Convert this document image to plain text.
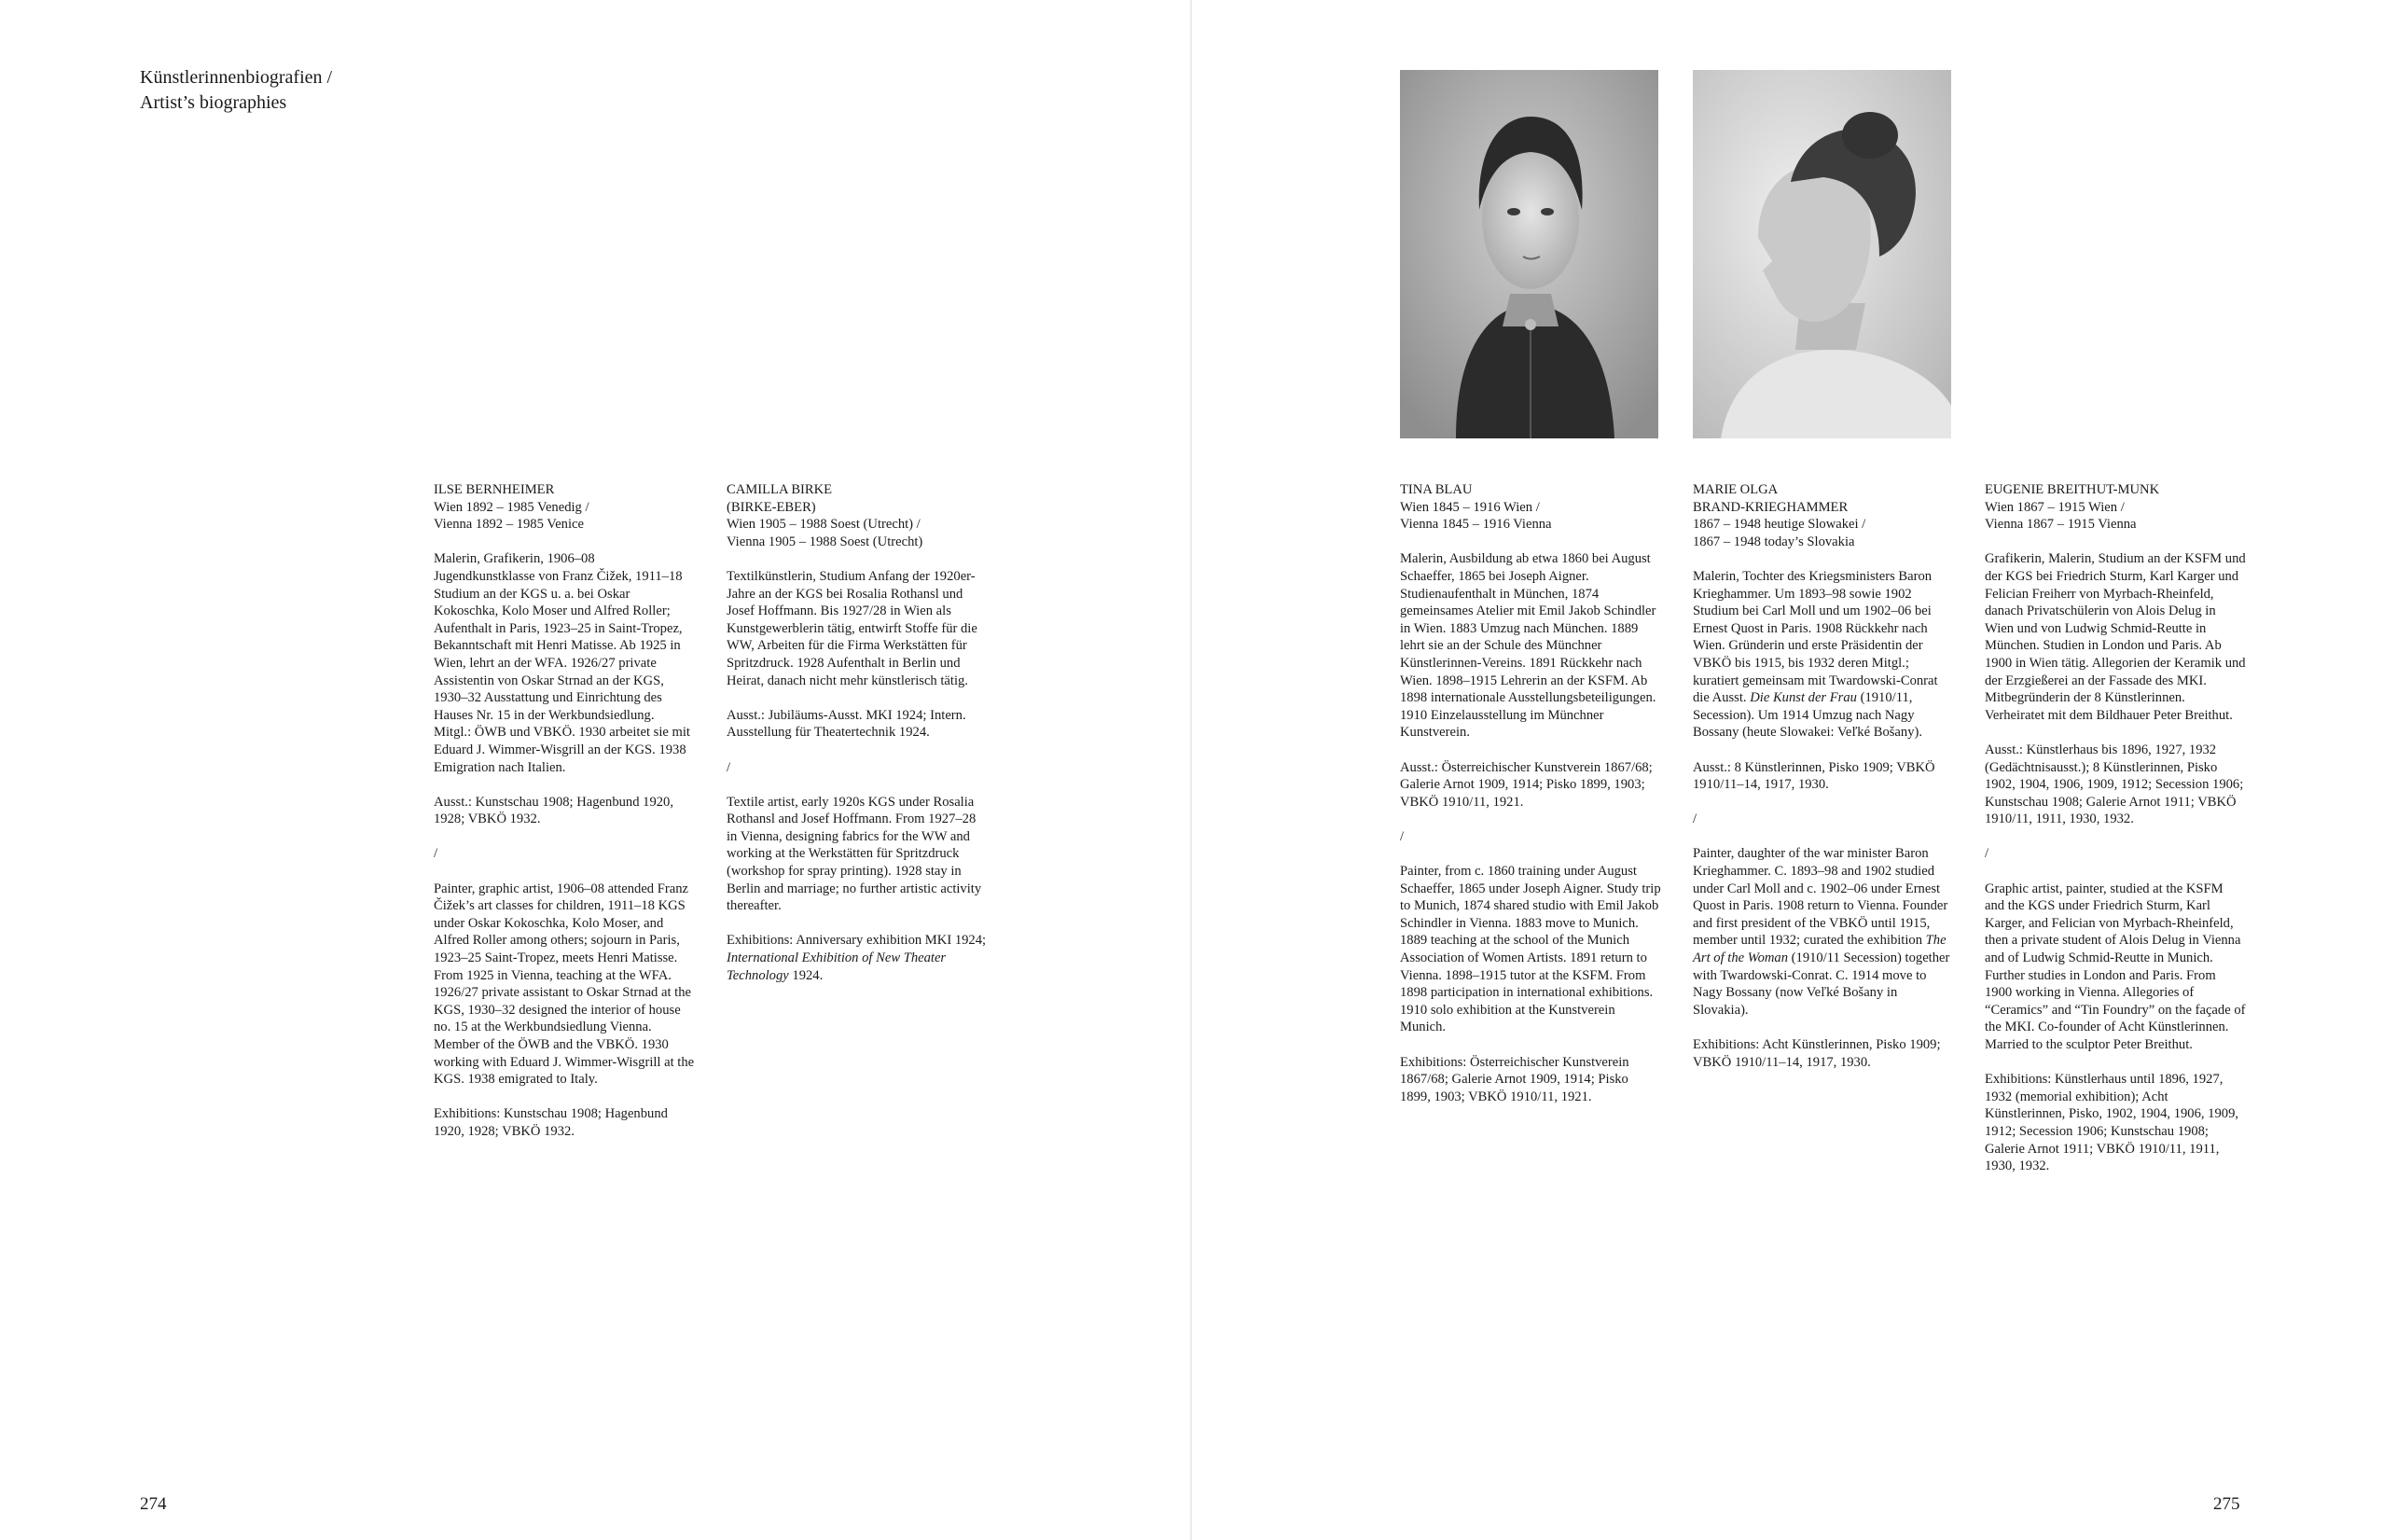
Künstlerinnenbiografien /
Artist’s biographies

ILSE BERNHEIMER

Wien 1892 – 1985 Venedig /

Vienna 1892 – 1985 Venice

Malerin, Grafikerin, 1906–08 Jugendkunstklasse von Franz Čižek, 1911–18 Studium an der KGS u. a. bei Oskar Kokoschka, Kolo Moser und Alfred Roller; Aufenthalt in Paris, 1923–25 in Saint-Tropez, Bekanntschaft mit Henri Matisse. Ab 1925 in Wien, lehrt an der WFA. 1926/27 private Assistentin von Oskar Strnad an der KGS, 1930–32 Ausstattung und Einrichtung des Hauses Nr. 15 in der Werkbundsiedlung. Mitgl.: ÖWB und VBKÖ. 1930 arbeitet sie mit Eduard J. Wimmer-Wisgrill an der KGS. 1938 Emigration nach Italien.

Ausst.: Kunstschau 1908; Hagenbund 1920, 1928; VBKÖ 1932.

/

Painter, graphic artist, 1906–08 attended Franz Čižek’s art classes for children, 1911–18 KGS under Oskar Kokoschka, Kolo Moser, and Alfred Roller among others; sojourn in Paris, 1923–25 Saint-Tropez, meets Henri Matisse. From 1925 in Vienna, teaching at the WFA. 1926/27 private assistant to Oskar Strnad at the KGS, 1930–32 designed the interior of house no. 15 at the Werkbundsiedlung Vienna. Member of the ÖWB and the VBKÖ. 1930 working with Eduard J. Wimmer-Wisgrill at the KGS. 1938 emigrated to Italy.

Exhibitions: Kunstschau 1908; Hagenbund 1920, 1928; VBKÖ 1932.

CAMILLA BIRKE

(BIRKE-EBER)

Wien 1905 – 1988 Soest (Utrecht) /

Vienna 1905 – 1988 Soest (Utrecht)

Textilkünstlerin, Studium Anfang der 1920er-Jahre an der KGS bei Rosalia Rothansl und Josef Hoffmann. Bis 1927/28 in Wien als Kunstgewerblerin tätig, entwirft Stoffe für die WW, Arbeiten für die Firma Werkstätten für Spritzdruck. 1928 Aufenthalt in Berlin und Heirat, danach nicht mehr künstlerisch tätig.

Ausst.: Jubiläums-Ausst. MKI 1924; Intern. Ausstellung für Theatertechnik 1924.

/

Textile artist, early 1920s KGS under Rosalia Rothansl and Josef Hoffmann. From 1927–28 in Vienna, designing fabrics for the WW and working at the Werkstätten für Spritzdruck (workshop for spray printing). 1928 stay in Berlin and marriage; no further artistic activity thereafter.

Exhibitions: Anniversary exhibition MKI 1924; International Exhibition of New Theater Technology 1924.

TINA BLAU

Wien 1845 – 1916 Wien /

Vienna 1845 – 1916 Vienna

Malerin, Ausbildung ab etwa 1860 bei August Schaeffer, 1865 bei Joseph Aigner. Studienaufenthalt in München, 1874 gemeinsames Atelier mit Emil Jakob Schindler in Wien. 1883 Umzug nach München. 1889 lehrt sie an der Schule des Münchner Künstlerinnen-Vereins. 1891 Rückkehr nach Wien. 1898–1915 Lehrerin an der KSFM. Ab 1898 internationale Ausstellungsbeteiligungen. 1910 Einzelausstellung im Münchner Kunstverein.

Ausst.: Österreichischer Kunstverein 1867/68; Galerie Arnot 1909, 1914; Pisko 1899, 1903; VBKÖ 1910/11, 1921.

/

Painter, from c. 1860 training under August Schaeffer, 1865 under Joseph Aigner. Study trip to Munich, 1874 shared studio with Emil Jakob Schindler in Vienna. 1883 move to Munich. 1889 teaching at the school of the Munich Association of Women Artists. 1891 return to Vienna. 1898–1915 tutor at the KSFM. From 1898 participation in international exhibitions. 1910 solo exhibition at the Kunstverein Munich.

Exhibitions: Österreichischer Kunstverein 1867/68; Galerie Arnot 1909, 1914; Pisko 1899, 1903; VBKÖ 1910/11, 1921.

MARIE OLGA

BRAND-KRIEGHAMMER

1867 – 1948 heutige Slowakei /

1867 – 1948 today’s Slovakia

Malerin, Tochter des Kriegsministers Baron Krieghammer. Um 1893–98 sowie 1902 Studium bei Carl Moll und um 1902–06 bei Ernest Quost in Paris. 1908 Rückkehr nach Wien. Gründerin und erste Präsidentin der VBKÖ bis 1915, bis 1932 deren Mitgl.; kuratiert gemeinsam mit Twardowski-Conrat die Ausst. Die Kunst der Frau (1910/11, Secession). Um 1914 Umzug nach Nagy Bossany (heute Slowakei: Veľké Bošany).

Ausst.: 8 Künstlerinnen, Pisko 1909; VBKÖ 1910/11–14, 1917, 1930.

/

Painter, daughter of the war minister Baron Krieghammer. C. 1893–98 and 1902 studied under Carl Moll and c. 1902–06 under Ernest Quost in Paris. 1908 return to Vienna. Founder and first president of the VBKÖ until 1915, member until 1932; curated the exhibition The Art of the Woman (1910/11 Secession) together with Twardowski-Conrat. C. 1914 move to Nagy Bossany (now Veľké Bošany in Slovakia).

Exhibitions: Acht Künstlerinnen, Pisko 1909; VBKÖ 1910/11–14, 1917, 1930.

EUGENIE BREITHUT-MUNK

Wien 1867 – 1915 Wien /

Vienna 1867 – 1915 Vienna

Grafikerin, Malerin, Studium an der KSFM und der KGS bei Friedrich Sturm, Karl Karger und Felician Freiherr von Myrbach-Rheinfeld, danach Privatschülerin von Alois Delug in Wien und von Ludwig Schmid-Reutte in München. Studien in London und Paris. Ab 1900 in Wien tätig. Allegorien der Keramik und der Erzgießerei an der Fassade des MKI. Mitbegründerin der 8 Künstlerinnen. Verheiratet mit dem Bildhauer Peter Breithut.

Ausst.: Künstlerhaus bis 1896, 1927, 1932 (Gedächtnisausst.); 8 Künstlerinnen, Pisko 1902, 1904, 1906, 1909, 1912; Secession 1906; Kunstschau 1908; Galerie Arnot 1911; VBKÖ 1910/11, 1911, 1930, 1932.

/

Graphic artist, painter, studied at the KSFM and the KGS under Friedrich Sturm, Karl Karger, and Felician von Myrbach-Rheinfeld, then a private student of Alois Delug in Vienna and of Ludwig Schmid-Reutte in Munich. Further studies in London and Paris. From 1900 working in Vienna. Allegories of “Ceramics” and “Tin Foundry” on the façade of the MKI. Co-founder of Acht Künstlerinnen. Married to the sculptor Peter Breithut.

Exhibitions: Künstlerhaus until 1896, 1927, 1932 (memorial exhibition); Acht Künstlerinnen, Pisko, 1902, 1904, 1906, 1909, 1912; Secession 1906; Kunstschau 1908; Galerie Arnot 1911; VBKÖ 1910/11, 1911, 1930, 1932.

274	275
